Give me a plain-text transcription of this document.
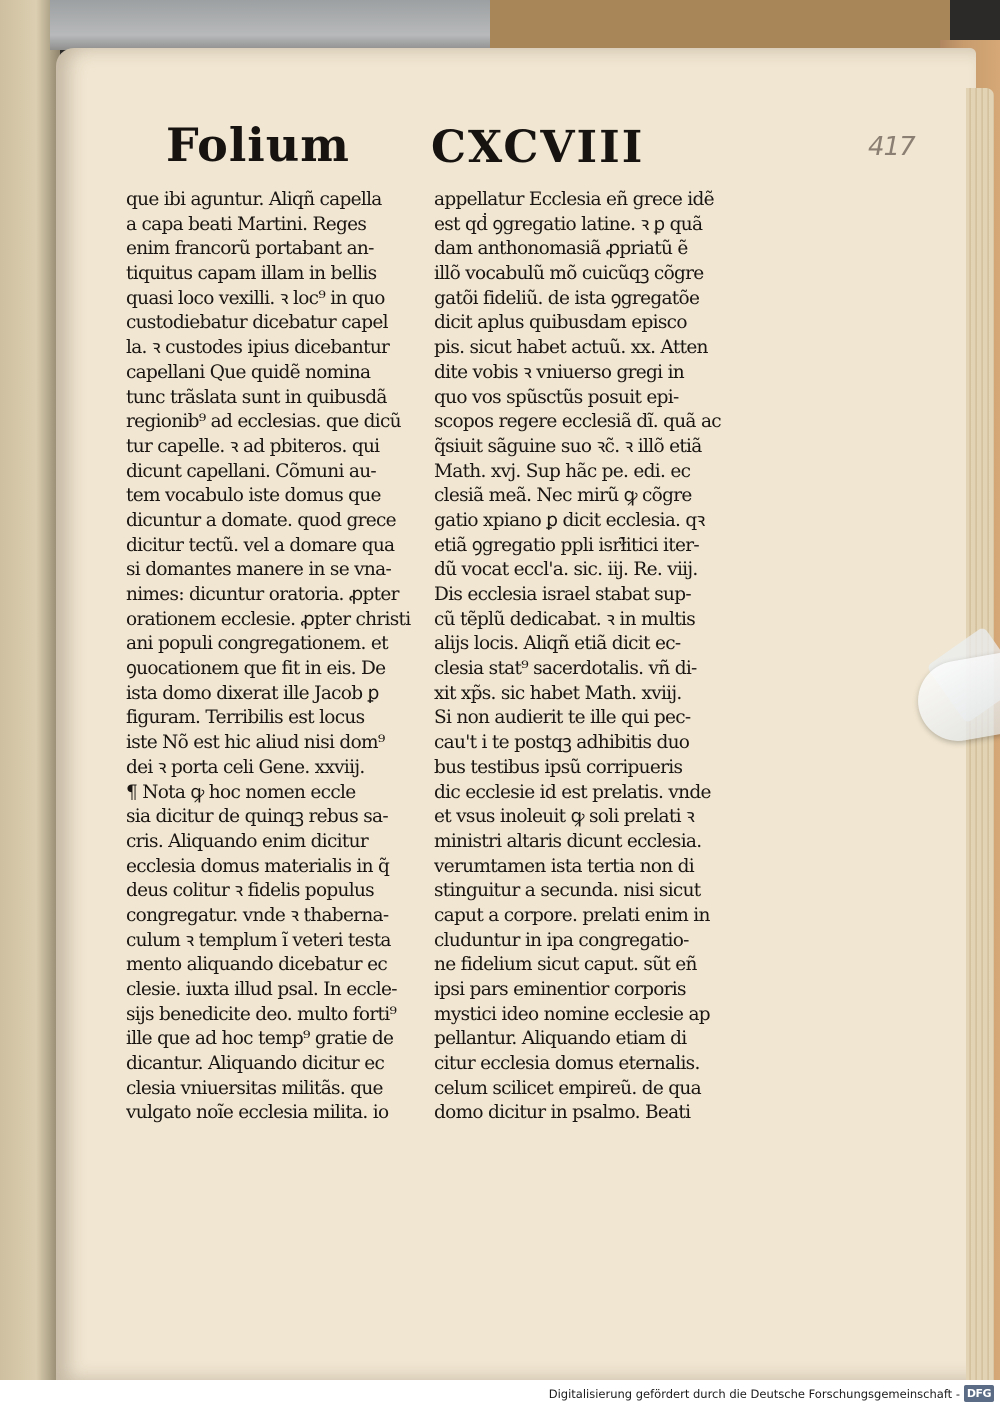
Folium CXCVIII	417
que ibi aguntur. Aliqñ capella
a capa beati Martini. Reges
enim francorũ portabant an-
tiquitus capam illam in bellis
quasi loco vexilli. ꝛ loc⁹ in quo
custodiebatur dicebatur capel
la. ꝛ custodes ipius dicebantur
capellani Que quidẽ nomina
tunc trãslata sunt in quibusdã
regionib⁹ ad ecclesias. que dicũ
tur capelle. ꝛ ad pbiteros. qui
dicunt capellani. Cõmuni au-
tem vocabulo iste domus que
dicuntur a domate. quod grece
dicitur tectũ. vel a domare qua
si domantes manere in se vna-
nimes: dicuntur oratoria. ꝓpter
orationem ecclesie. ꝓpter christi
ani populi congregationem. et
ꝯuocationem que fit in eis. De
ista domo dixerat ille Jacob ꝑ
figuram. Terribilis est locus
iste Nõ est hic aliud nisi dom⁹
dei ꝛ porta celi Gene. xxviij.
¶ Nota ꝙ hoc nomen eccle
sia dicitur de quinqꝫ rebus sa-
cris. Aliquando enim dicitur
ecclesia domus materialis in q̃
deus colitur ꝛ fidelis populus
congregatur. vnde ꝛ thaberna-
culum ꝛ templum ĩ veteri testa
mento aliquando dicebatur ec
clesie. iuxta illud psal. In eccle-
sijs benedicite deo. multo forti⁹
ille que ad hoc temp⁹ gratie de
dicantur. Aliquando dicitur ec
clesia vniuersitas militãs. que
vulgato noĩe ecclesia milita. io
appellatur Ecclesia eñ grece idẽ
est qḋ ꝯgregatio latine. ꝛ ꝑ quã
dam anthonomasiã ꝓpriatũ ẽ
illõ vocabulũ mõ cuicũqꝫ cõgre
gatõi fideliũ. de ista ꝯgregatõe
dicit aplus quibusdam episco
pis. sicut habet actuũ. xx. Atten
dite vobis ꝛ vniuerso gregi in
quo vos spũsctũs posuit epi-
scopos regere ecclesiã dĩ. quã ac
q̃siuit sãguine suo ꝛc̃. ꝛ illõ etiã
Math. xvj. Sup hãc pe. edi. ec
clesiã meã. Nec mirũ ꝙ cõgre
gatio xpiano ꝑ dicit ecclesia. qꝛ
etiã ꝯgregatio ppli isrł̃itici iter-
dũ vocat eccl'a. sic. iij. Re. viij.
Dis ecclesia israel stabat sup-
cũ tẽplũ dedicabat. ꝛ in multis
alijs locis. Aliqñ etiã dicit ec-
clesia stat⁹ sacerdotalis. vñ di-
xit xp̃s. sic habet Math. xviij.
Si non audierit te ille qui pec-
cau't i te postqꝫ adhibitis duo
bus testibus ipsũ corripueris
dic ecclesie id est prelatis. vnde
et vsus inoleuit ꝙ soli prelati ꝛ
ministri altaris dicunt ecclesia.
verumtamen ista tertia non di
stinguitur a secunda. nisi sicut
caput a corpore. prelati enim in
cluduntur in ipa congregatio-
ne fidelium sicut caput. sũt eñ
ipsi pars eminentior corporis
mystici ideo nomine ecclesie ap
pellantur. Aliquando etiam di
citur ecclesia domus eternalis.
celum scilicet empireũ. de qua
domo dicitur in psalmo. Beati
Digitalisierung gefördert durch die Deutsche Forschungsgemeinschaft - DFG
